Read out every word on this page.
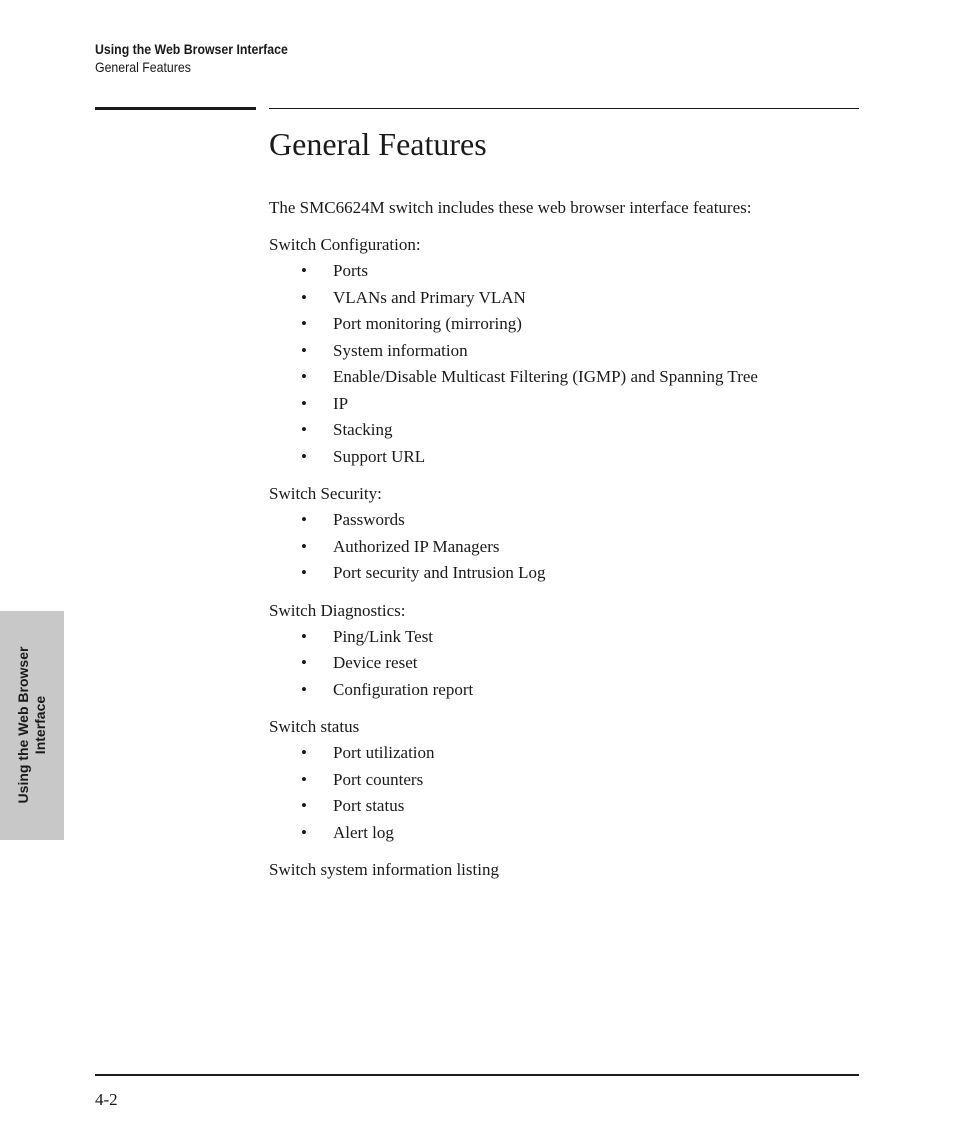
Using the Web Browser Interface
General Features
General Features

The SMC6624M switch includes these web browser interface features:

Switch Configuration:

• Ports
• VLANs and Primary VLAN
• Port monitoring (mirroring)
• System information
• Enable/Disable Multicast Filtering (IGMP) and Spanning Tree
• IP
• Stacking
• Support URL

Switch Security:

• Passwords
• Authorized IP Managers
• Port security and Intrusion Log

Switch Diagnostics:

• Ping/Link Test
• Device reset
• Configuration report

Switch status

• Port utilization
• Port counters
• Port status
• Alert log

Switch system information listing

Using the Web Browser Interface
4-2
